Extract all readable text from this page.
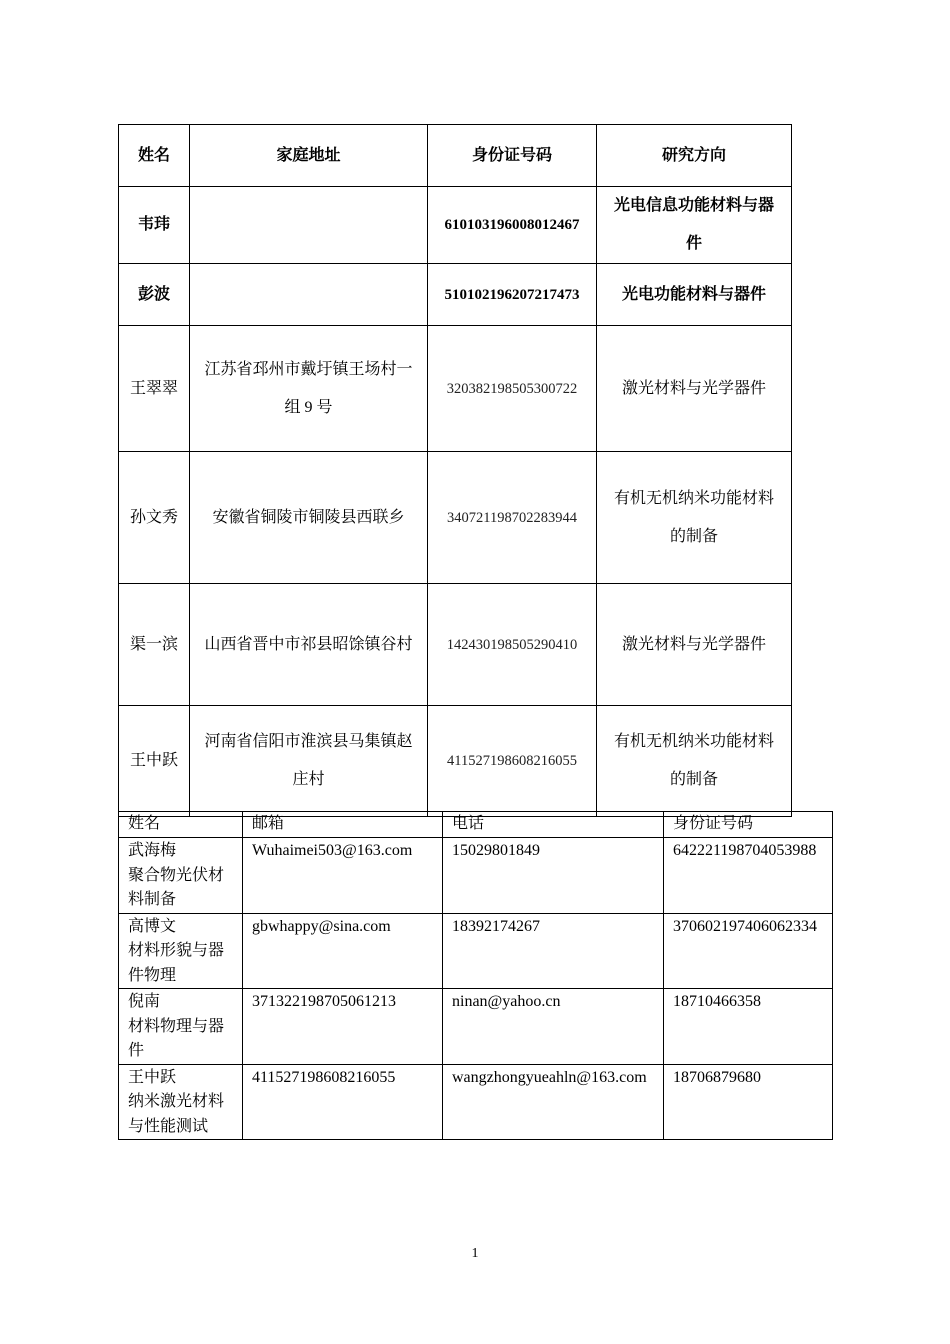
姓名	家庭地址	身份证号码	研究方向
韦玮		610103196008012467	光电信息功能材料与器
件

彭波		510102196207217473	光电功能材料与器件

王翠翠	江苏省邳州市戴圩镇王场村一
组 9 号	320382198505300722	激光材料与光学器件

孙文秀	安徽省铜陵市铜陵县西联乡	340721198702283944	有机无机纳米功能材料
的制备

渠一滨	山西省晋中市祁县昭馀镇谷村	142430198505290410	激光材料与光学器件

王中跃	河南省信阳市淮滨县马集镇赵
庄村	411527198608216055	有机无机纳米功能材料
的制备
姓名	邮箱	电话	身份证号码

武海梅
聚合物光伏材
料制备	Wuhaimei503@163.com	15029801849	642221198704053988

高博文
材料形貌与器
件物理	gbwhappy@sina.com	18392174267	370602197406062334

倪南
材料物理与器
件	371322198705061213	ninan@yahoo.cn	18710466358

王中跃
纳米激光材料
与性能测试	411527198608216055	wangzhongyueahln@163.com	18706879680
1
